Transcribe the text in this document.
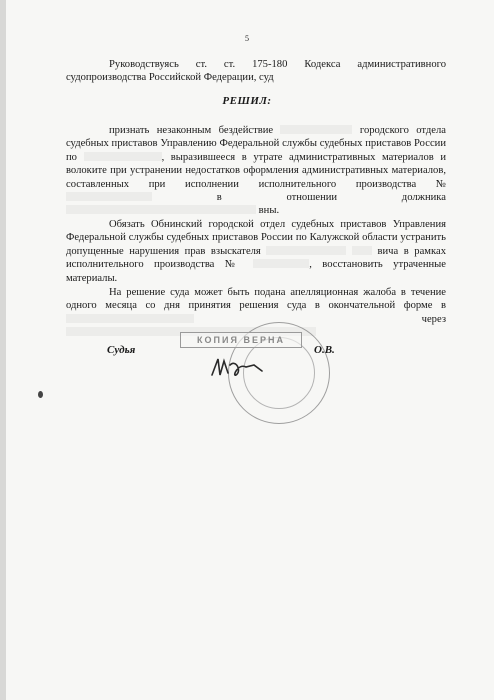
5
Руководствуясь ст. ст. 175-180 Кодекса административного судопроизводства Российской Федерации, суд
РЕШИЛ:
признать незаконным бездействие	городского отдела судебных приставов Управлению Федеральной службы судебных приставов России по	, выразившееся в утрате административных материалов и волоките при устранении недостатков оформления административных материалов, составленных при исполнении исполнительного производства №  в отношении должника  вны.
Обязать Обнинский городской отдел судебных приставов Управления Федеральной службы судебных приставов России по Калужской области устранить допущенные нарушения прав взыскателя	вича в рамках исполнительного производства №	, восстановить утраченные материалы.
На решение суда может быть подана апелляционная жалоба в течение одного месяца со дня принятия решения суда в окончательной форме в  через
Судья
КОПИЯ ВЕРНА
О.В.
